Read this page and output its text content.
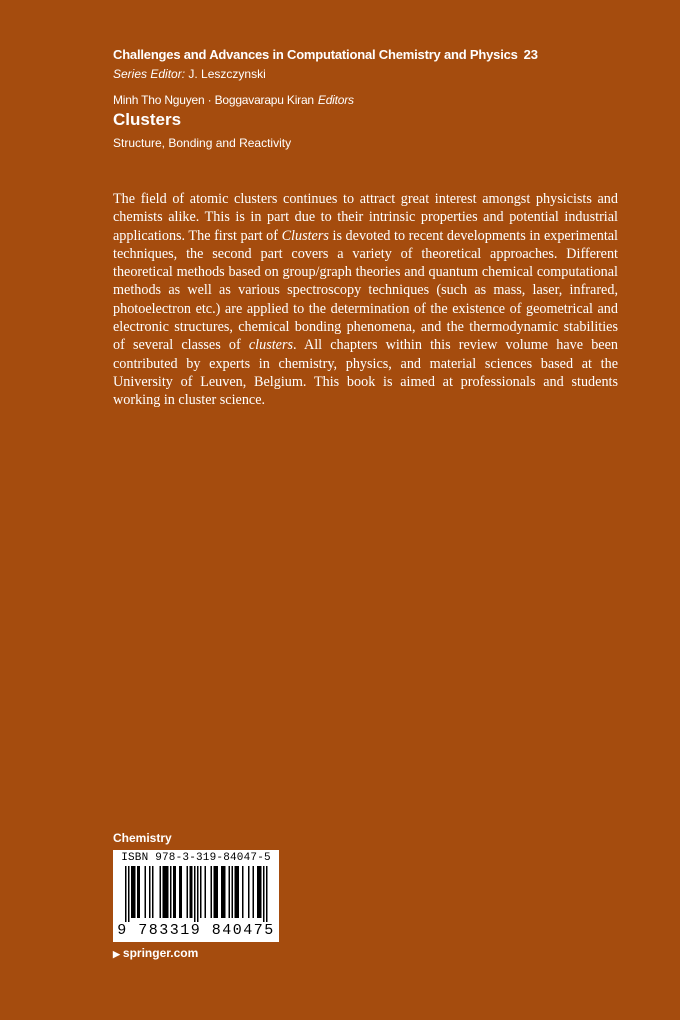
Challenges and Advances in Computational Chemistry and Physics 23
Series Editor: J. Leszczynski
Minh Tho Nguyen · Boggavarapu Kiran Editors
Clusters
Structure, Bonding and Reactivity

The field of atomic clusters continues to attract great interest amongst physicists and chemists alike. This is in part due to their intrinsic properties and potential industrial applications. The first part of Clusters is devoted to recent developments in experimental techniques, the second part covers a variety of theoretical approaches. Different theoretical methods based on group/graph theories and quantum chemical computational methods as well as various spectroscopy techniques (such as mass, laser, infrared, photoelectron etc.) are applied to the determination of the existence of geometrical and electronic structures, chemical bonding phenomena, and the thermodynamic stabilities of several classes of clusters. All chapters within this review volume have been contributed by experts in chemistry, physics, and material sciences based at the University of Leuven, Belgium. This book is aimed at professionals and students working in cluster science.

Chemistry
ISBN 978-3-319-84047-5
9 783319 840475
▶ springer.com
